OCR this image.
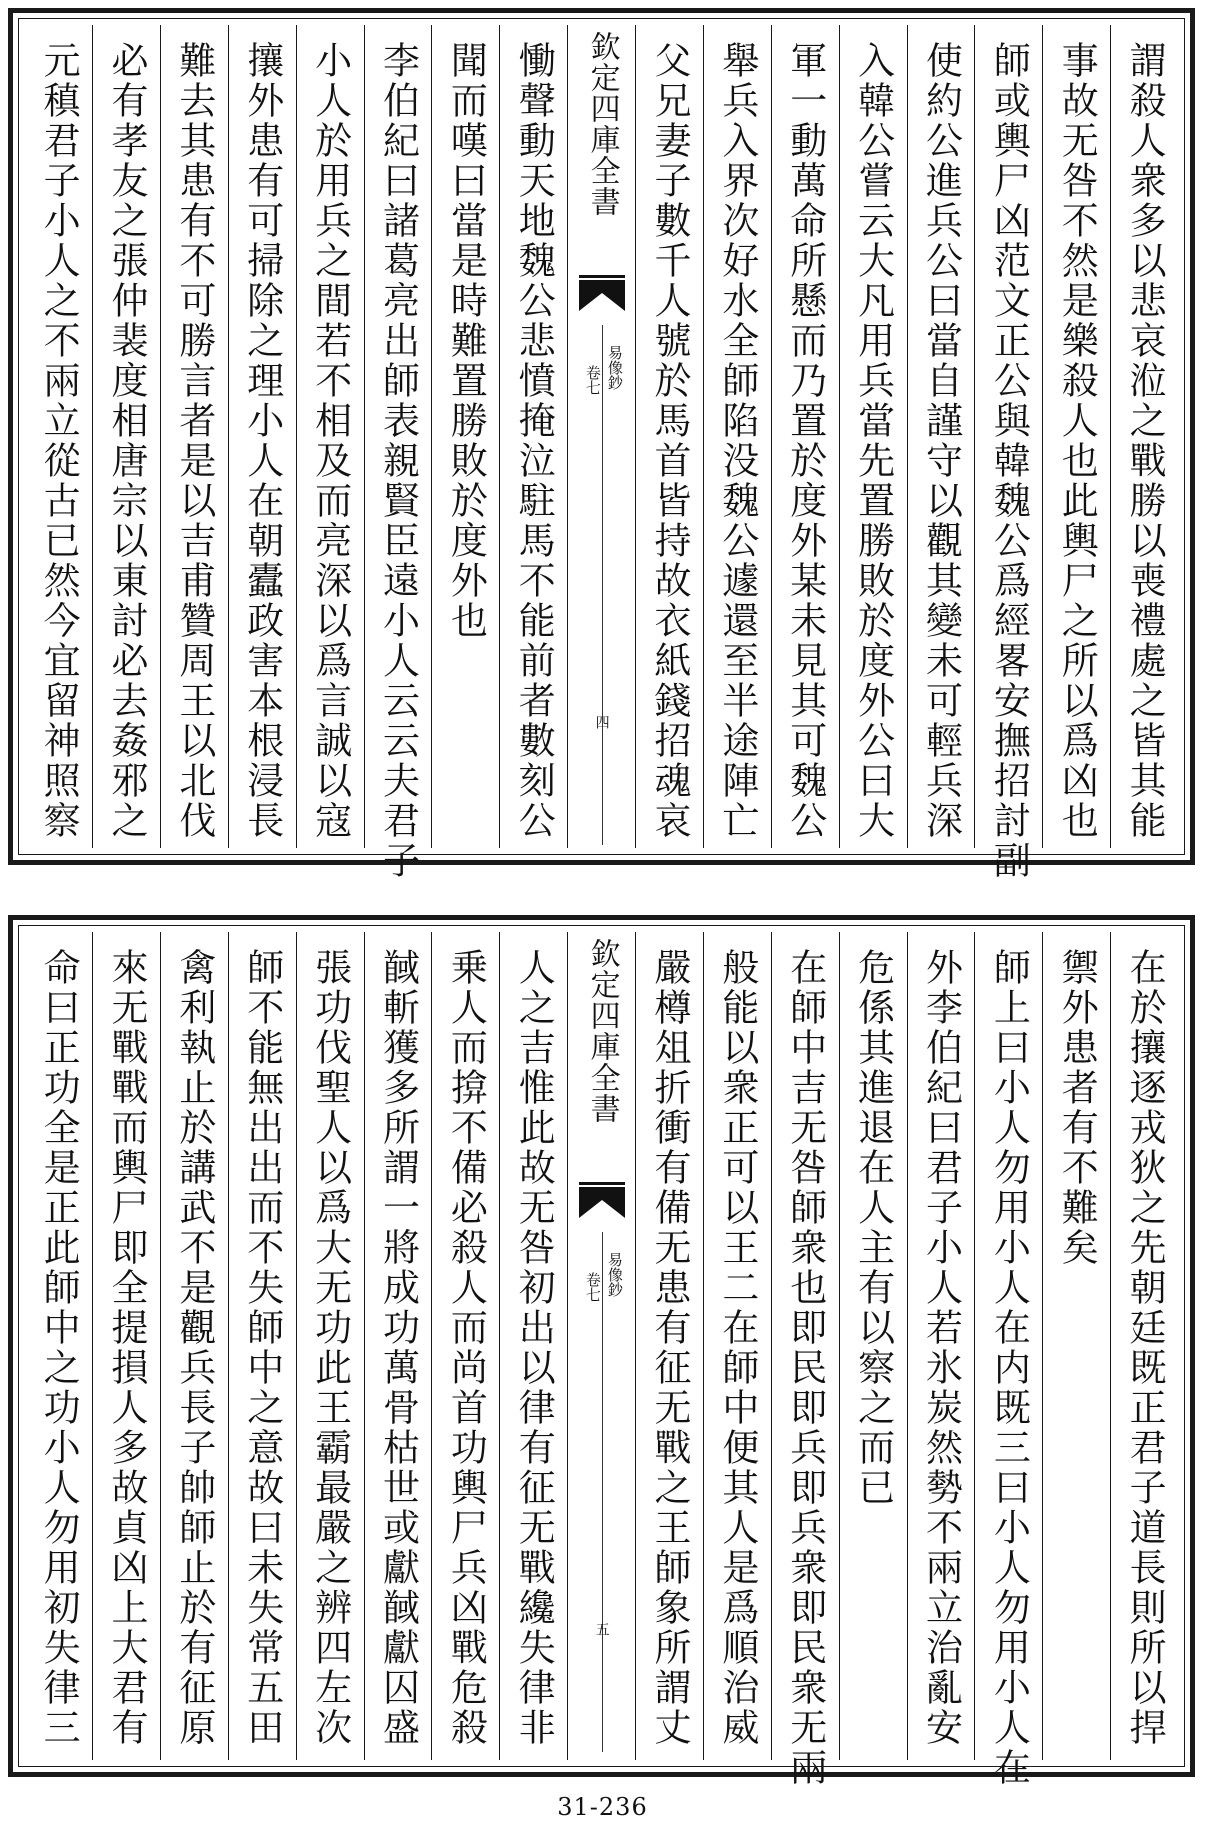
謂殺人衆多以悲哀涖之戰勝以喪禮處之皆其能
事故无咎不然是樂殺人也此輿尸之所以爲凶也
師或輿尸凶范文正公與韓魏公爲經畧安撫招討副
使約公進兵公曰當自謹守以觀其變未可輕兵深
入韓公嘗云大凡用兵當先置勝敗於度外公曰大
軍一動萬命所懸而乃置於度外某未見其可魏公
舉兵入界次好水全師陷没魏公遽還至半途陣亡
父兄妻子數千人號於馬首皆持故衣紙錢招魂哀
欽定四庫全書
易像鈔
卷七
四
慟聲動天地魏公悲憤掩泣駐馬不能前者數刻公
聞而嘆曰當是時難置勝敗於度外也
李伯紀曰諸葛亮出師表親賢臣遠小人云云夫君子
小人於用兵之間若不相及而亮深以爲言誠以寇
攘外患有可掃除之理小人在朝蠹政害本根浸長
難去其患有不可勝言者是以吉甫贊周王以北伐
必有孝友之張仲裴度相唐宗以東討必去姦邪之
元稹君子小人之不兩立從古已然今宜留神照察
在於攘逐戎狄之先朝廷既正君子道長則所以捍
禦外患者有不難矣
師上曰小人勿用小人在内既三曰小人勿用小人在
外李伯紀曰君子小人若氷炭然勢不兩立治亂安
危係其進退在人主有以察之而已
在師中吉无咎師衆也即民即兵即兵衆即民衆无兩
般能以衆正可以王二在師中便其人是爲順治威
嚴樽俎折衝有備无患有征无戰之王師象所謂丈
欽定四庫全書
易像鈔
卷七
五
人之吉惟此故无咎初出以律有征无戰纔失律非
乗人而揜不備必殺人而尚首功輿尸兵凶戰危殺
馘斬獲多所謂一將成功萬骨枯世或獻馘獻囚盛
張功伐聖人以爲大无功此王霸最嚴之辨四左次
師不能無出出而不失師中之意故曰未失常五田
禽利執止於講武不是觀兵長子帥師止於有征原
來无戰戰而輿尸即全提損人多故貞凶上大君有
命曰正功全是正此師中之功小人勿用初失律三
31-236
